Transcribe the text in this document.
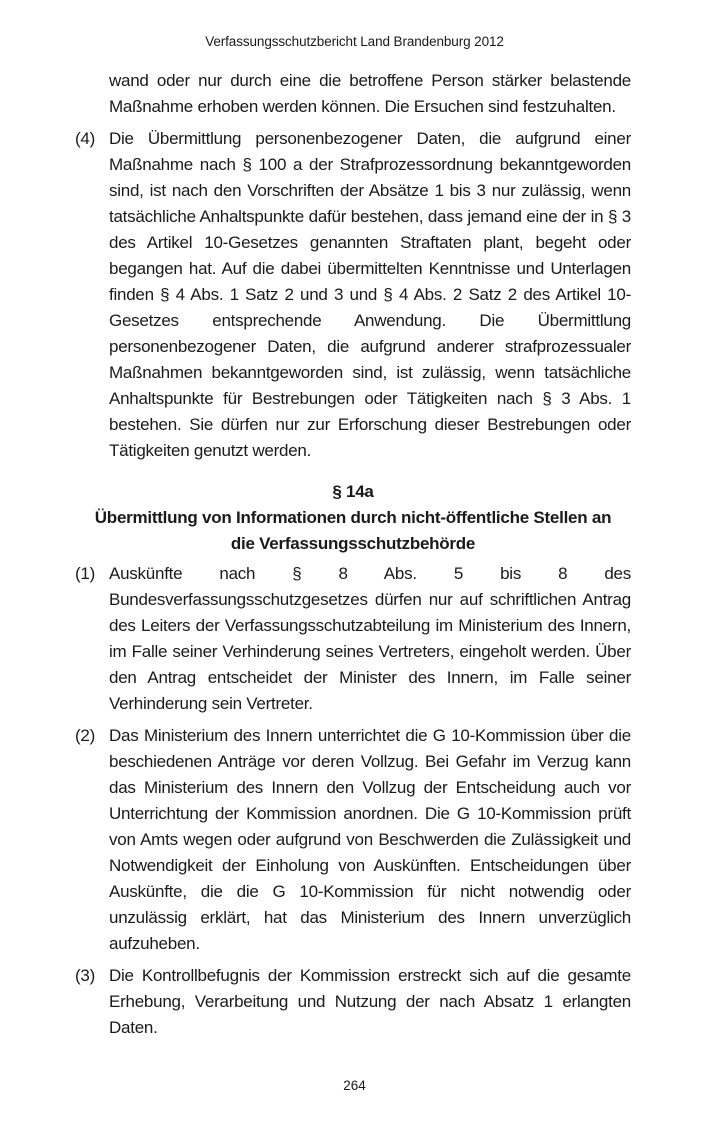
Verfassungsschutzbericht Land Brandenburg 2012

wand oder nur durch eine die betroffene Person stärker belastende Maßnahme erhoben werden können. Die Ersuchen sind festzuhalten.

(4) Die Übermittlung personenbezogener Daten, die aufgrund einer Maßnahme nach § 100 a der Strafprozessordnung bekanntgeworden sind, ist nach den Vorschriften der Absätze 1 bis 3 nur zulässig, wenn tatsächliche Anhaltspunkte dafür bestehen, dass jemand eine der in § 3 des Artikel 10-Gesetzes genannten Straftaten plant, begeht oder begangen hat. Auf die dabei übermittelten Kenntnisse und Unterlagen finden § 4 Abs. 1 Satz 2 und 3 und § 4 Abs. 2 Satz 2 des Artikel 10-Gesetzes entsprechende Anwendung. Die Übermittlung personenbezogener Daten, die aufgrund anderer strafprozessualer Maßnahmen bekanntgeworden sind, ist zulässig, wenn tatsächliche Anhaltspunkte für Bestrebungen oder Tätigkeiten nach § 3 Abs. 1 bestehen. Sie dürfen nur zur Erforschung dieser Bestrebungen oder Tätigkeiten genutzt werden.
§ 14a
Übermittlung von Informationen durch nicht-öffentliche Stellen an die Verfassungsschutzbehörde
(1) Auskünfte nach § 8 Abs. 5 bis 8 des Bundesverfassungsschutzgesetzes dürfen nur auf schriftlichen Antrag des Leiters der Verfassungsschutzabteilung im Ministerium des Innern, im Falle seiner Verhinderung seines Vertreters, eingeholt werden. Über den Antrag entscheidet der Minister des Innern, im Falle seiner Verhinderung sein Vertreter.
(2) Das Ministerium des Innern unterrichtet die G 10-Kommission über die beschiedenen Anträge vor deren Vollzug. Bei Gefahr im Verzug kann das Ministerium des Innern den Vollzug der Entscheidung auch vor Unterrichtung der Kommission anordnen. Die G 10-Kommission prüft von Amts wegen oder aufgrund von Beschwerden die Zulässigkeit und Notwendigkeit der Einholung von Auskünften. Entscheidungen über Auskünfte, die die G 10-Kommission für nicht notwendig oder unzulässig erklärt, hat das Ministerium des Innern unverzüglich aufzuheben.
(3) Die Kontrollbefugnis der Kommission erstreckt sich auf die gesamte Erhebung, Verarbeitung und Nutzung der nach Absatz 1 erlangten Daten.
264
